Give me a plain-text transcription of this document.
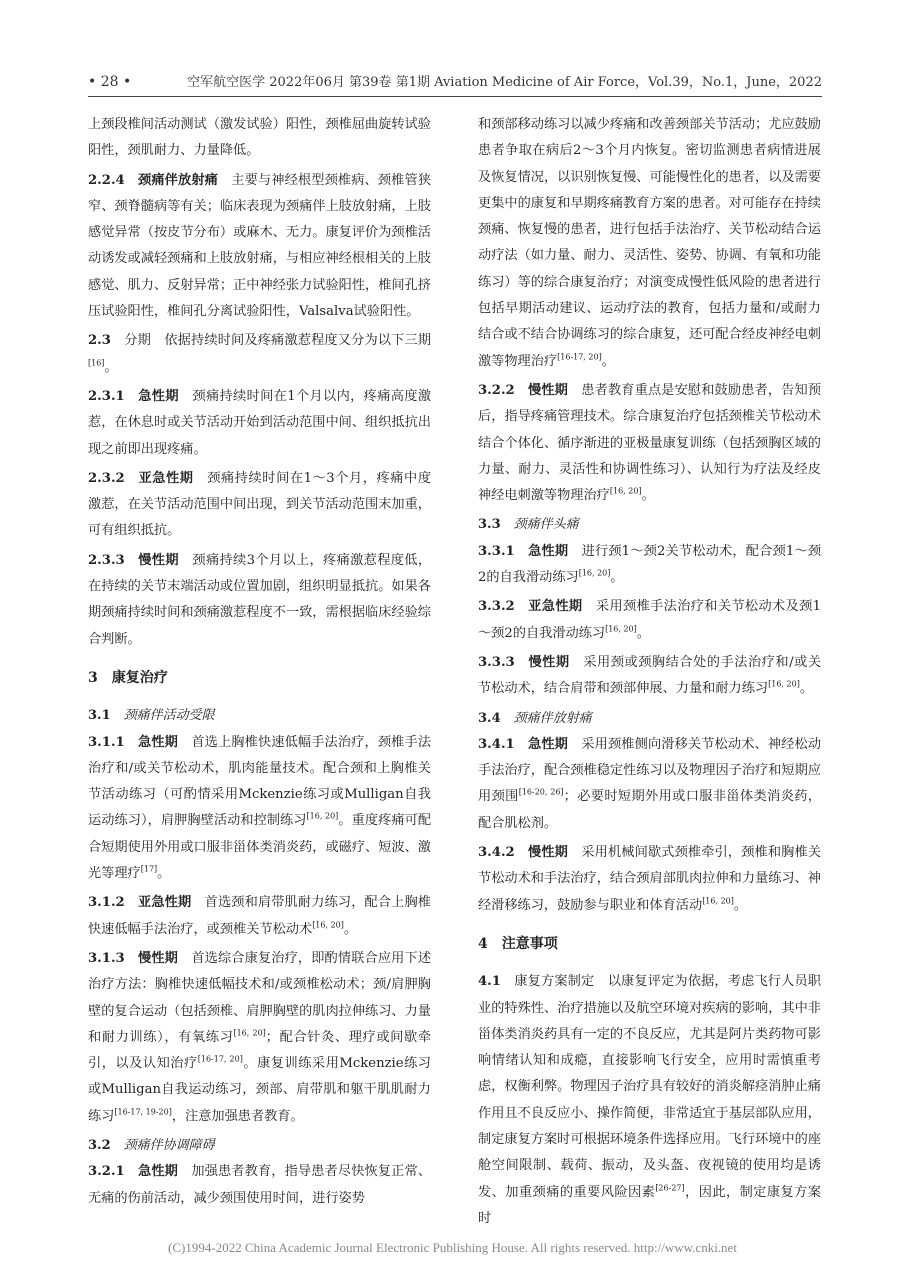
• 28 •	空军航空医学 2022年06月 第39卷 第1期 Aviation Medicine of Air Force，Vol.39，No.1，June，2022

上颈段椎间活动测试（激发试验）阳性，颈椎屈曲旋转试验阳性，颈肌耐力、力量降低。

2.2.4  颈痛伴放射痛  主要与神经根型颈椎病、颈椎管狭窄、颈脊髓病等有关；临床表现为颈痛伴上肢放射痛，上肢感觉异常（按皮节分布）或麻木、无力。康复评价为颈椎活动诱发或减轻颈痛和上肢放射痛，与相应神经根相关的上肢感觉、肌力、反射异常；正中神经张力试验阳性，椎间孔挤压试验阳性，椎间孔分离试验阳性，Valsalva试验阳性。

2.3  分期  依据持续时间及疼痛激惹程度又分为以下三期[16]。

2.3.1  急性期  颈痛持续时间在1个月以内，疼痛高度激惹，在休息时或关节活动开始到活动范围中间、组织抵抗出现之前即出现疼痛。

2.3.2  亚急性期  颈痛持续时间在1～3个月，疼痛中度激惹，在关节活动范围中间出现，到关节活动范围末加重，可有组织抵抗。

2.3.3  慢性期  颈痛持续3个月以上，疼痛激惹程度低，在持续的关节末端活动或位置加剧，组织明显抵抗。如果各期颈痛持续时间和颈痛激惹程度不一致，需根据临床经验综合判断。

3  康复治疗
3.1  颈痛伴活动受限

3.1.1  急性期  首选上胸椎快速低幅手法治疗，颈椎手法治疗和/或关节松动术，肌肉能量技术。配合颈和上胸椎关节活动练习（可酌情采用Mckenzie练习或Mulligan自我运动练习），肩胛胸壁活动和控制练习[16, 20]。重度疼痛可配合短期使用外用或口服非甾体类消炎药，或磁疗、短波、激光等理疗[17]。

3.1.2  亚急性期  首选颈和肩带肌耐力练习，配合上胸椎快速低幅手法治疗，或颈椎关节松动术[16, 20]。

3.1.3  慢性期  首选综合康复治疗，即酌情联合应用下述治疗方法：胸椎快速低幅技术和/或颈椎松动术；颈/肩胛胸壁的复合运动（包括颈椎、肩胛胸壁的肌肉拉伸练习、力量和耐力训练），有氧练习[16, 20]；配合针灸、理疗或间歇牵引，以及认知治疗[16-17, 20]。康复训练采用Mckenzie练习或Mulligan自我运动练习，颈部、肩带肌和躯干肌肌耐力练习[16-17, 19-20]，注意加强患者教育。

3.2  颈痛伴协调障碍

3.2.1  急性期  加强患者教育，指导患者尽快恢复正常、无痛的伤前活动，减少颈围使用时间，进行姿势

和颈部移动练习以减少疼痛和改善颈部关节活动；尤应鼓励患者争取在病后2～3个月内恢复。密切监测患者病情进展及恢复情况，以识别恢复慢、可能慢性化的患者，以及需要更集中的康复和早期疼痛教育方案的患者。对可能存在持续颈痛、恢复慢的患者，进行包括手法治疗、关节松动结合运动疗法（如力量、耐力、灵活性、姿势、协调、有氧和功能练习）等的综合康复治疗；对演变成慢性低风险的患者进行包括早期活动建议、运动疗法的教育，包括力量和/或耐力结合或不结合协调练习的综合康复，还可配合经皮神经电刺激等物理治疗[16-17, 20]。

3.2.2  慢性期  患者教育重点是安慰和鼓励患者，告知预后，指导疼痛管理技术。综合康复治疗包括颈椎关节松动术结合个体化、循序渐进的亚极量康复训练（包括颈胸区域的力量、耐力、灵活性和协调性练习）、认知行为疗法及经皮神经电刺激等物理治疗[16, 20]。

3.3  颈痛伴头痛

3.3.1  急性期  进行颈1～颈2关节松动术，配合颈1～颈2的自我滑动练习[16, 20]。

3.3.2  亚急性期  采用颈椎手法治疗和关节松动术及颈1～颈2的自我滑动练习[16, 20]。

3.3.3  慢性期  采用颈或颈胸结合处的手法治疗和/或关节松动术，结合肩带和颈部伸展、力量和耐力练习[16, 20]。

3.4  颈痛伴放射痛

3.4.1  急性期  采用颈椎侧向滑移关节松动术、神经松动手法治疗，配合颈椎稳定性练习以及物理因子治疗和短期应用颈围[16-20, 26]；必要时短期外用或口服非甾体类消炎药，配合肌松剂。

3.4.2  慢性期  采用机械间歇式颈椎牵引，颈椎和胸椎关节松动术和手法治疗，结合颈肩部肌肉拉伸和力量练习、神经滑移练习，鼓励参与职业和体育活动[16, 20]。

4  注意事项

4.1  康复方案制定  以康复评定为依据，考虑飞行人员职业的特殊性、治疗措施以及航空环境对疾病的影响，其中非甾体类消炎药具有一定的不良反应，尤其是阿片类药物可影响情绪认知和成瘾，直接影响飞行安全，应用时需慎重考虑，权衡利弊。物理因子治疗具有较好的消炎解痉消肿止痛作用且不良反应小、操作简便，非常适宜于基层部队应用，制定康复方案时可根据环境条件选择应用。飞行环境中的座舱空间限制、载荷、振动，及头盔、夜视镜的使用均是诱发、加重颈痛的重要风险因素[26-27]，因此，制定康复方案时

(C)1994-2022 China Academic Journal Electronic Publishing House. All rights reserved. http://www.cnki.net
